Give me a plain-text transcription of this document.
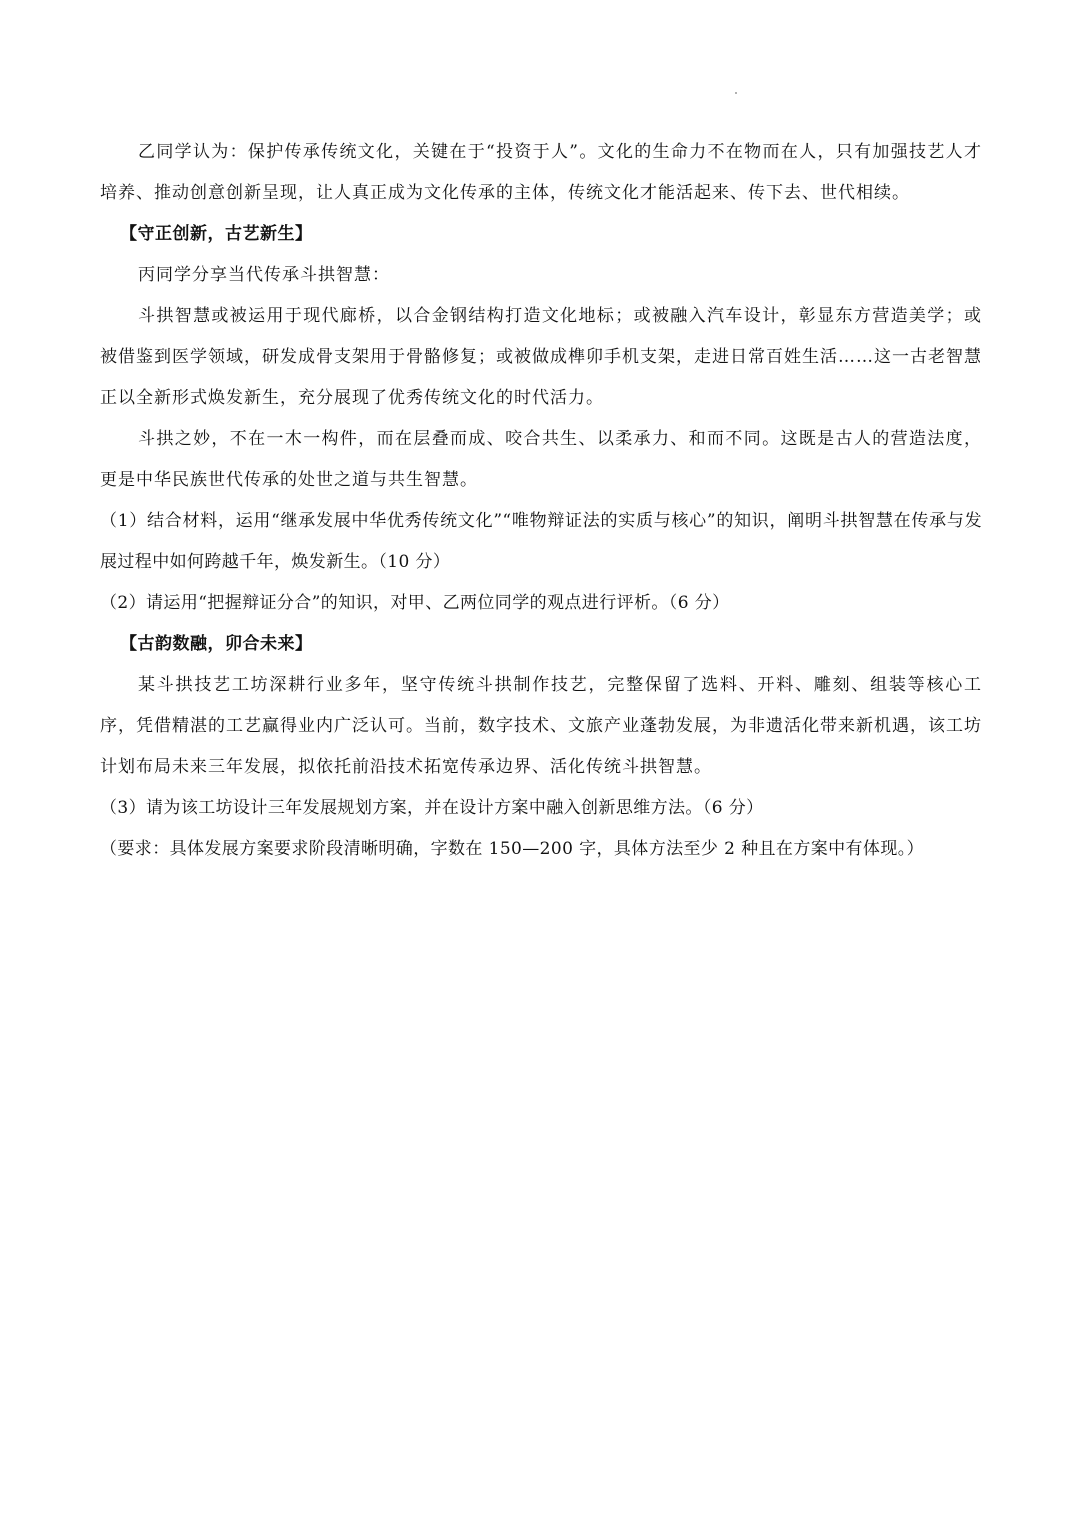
乙同学认为：保护传承传统文化，关键在于“投资于人”。文化的生命力不在物而在人，只有加强技艺人才培养、推动创意创新呈现，让人真正成为文化传承的主体，传统文化才能活起来、传下去、世代相续。

【守正创新，古艺新生】

丙同学分享当代传承斗拱智慧：

斗拱智慧或被运用于现代廊桥，以合金钢结构打造文化地标；或被融入汽车设计，彰显东方营造美学；或被借鉴到医学领域，研发成骨支架用于骨骼修复；或被做成榫卯手机支架，走进日常百姓生活……这一古老智慧正以全新形式焕发新生，充分展现了优秀传统文化的时代活力。

斗拱之妙，不在一木一构件，而在层叠而成、咬合共生、以柔承力、和而不同。这既是古人的营造法度，更是中华民族世代传承的处世之道与共生智慧。

（1）结合材料，运用“继承发展中华优秀传统文化”“唯物辩证法的实质与核心”的知识，阐明斗拱智慧在传承与发展过程中如何跨越千年，焕发新生。（10 分）

（2）请运用“把握辩证分合”的知识，对甲、乙两位同学的观点进行评析。（6 分）

【古韵数融，卯合未来】

某斗拱技艺工坊深耕行业多年，坚守传统斗拱制作技艺，完整保留了选料、开料、雕刻、组装等核心工序，凭借精湛的工艺赢得业内广泛认可。当前，数字技术、文旅产业蓬勃发展，为非遗活化带来新机遇，该工坊计划布局未来三年发展，拟依托前沿技术拓宽传承边界、活化传统斗拱智慧。

（3）请为该工坊设计三年发展规划方案，并在设计方案中融入创新思维方法。（6 分）

（要求：具体发展方案要求阶段清晰明确，字数在 150—200 字，具体方法至少 2 种且在方案中有体现。）
